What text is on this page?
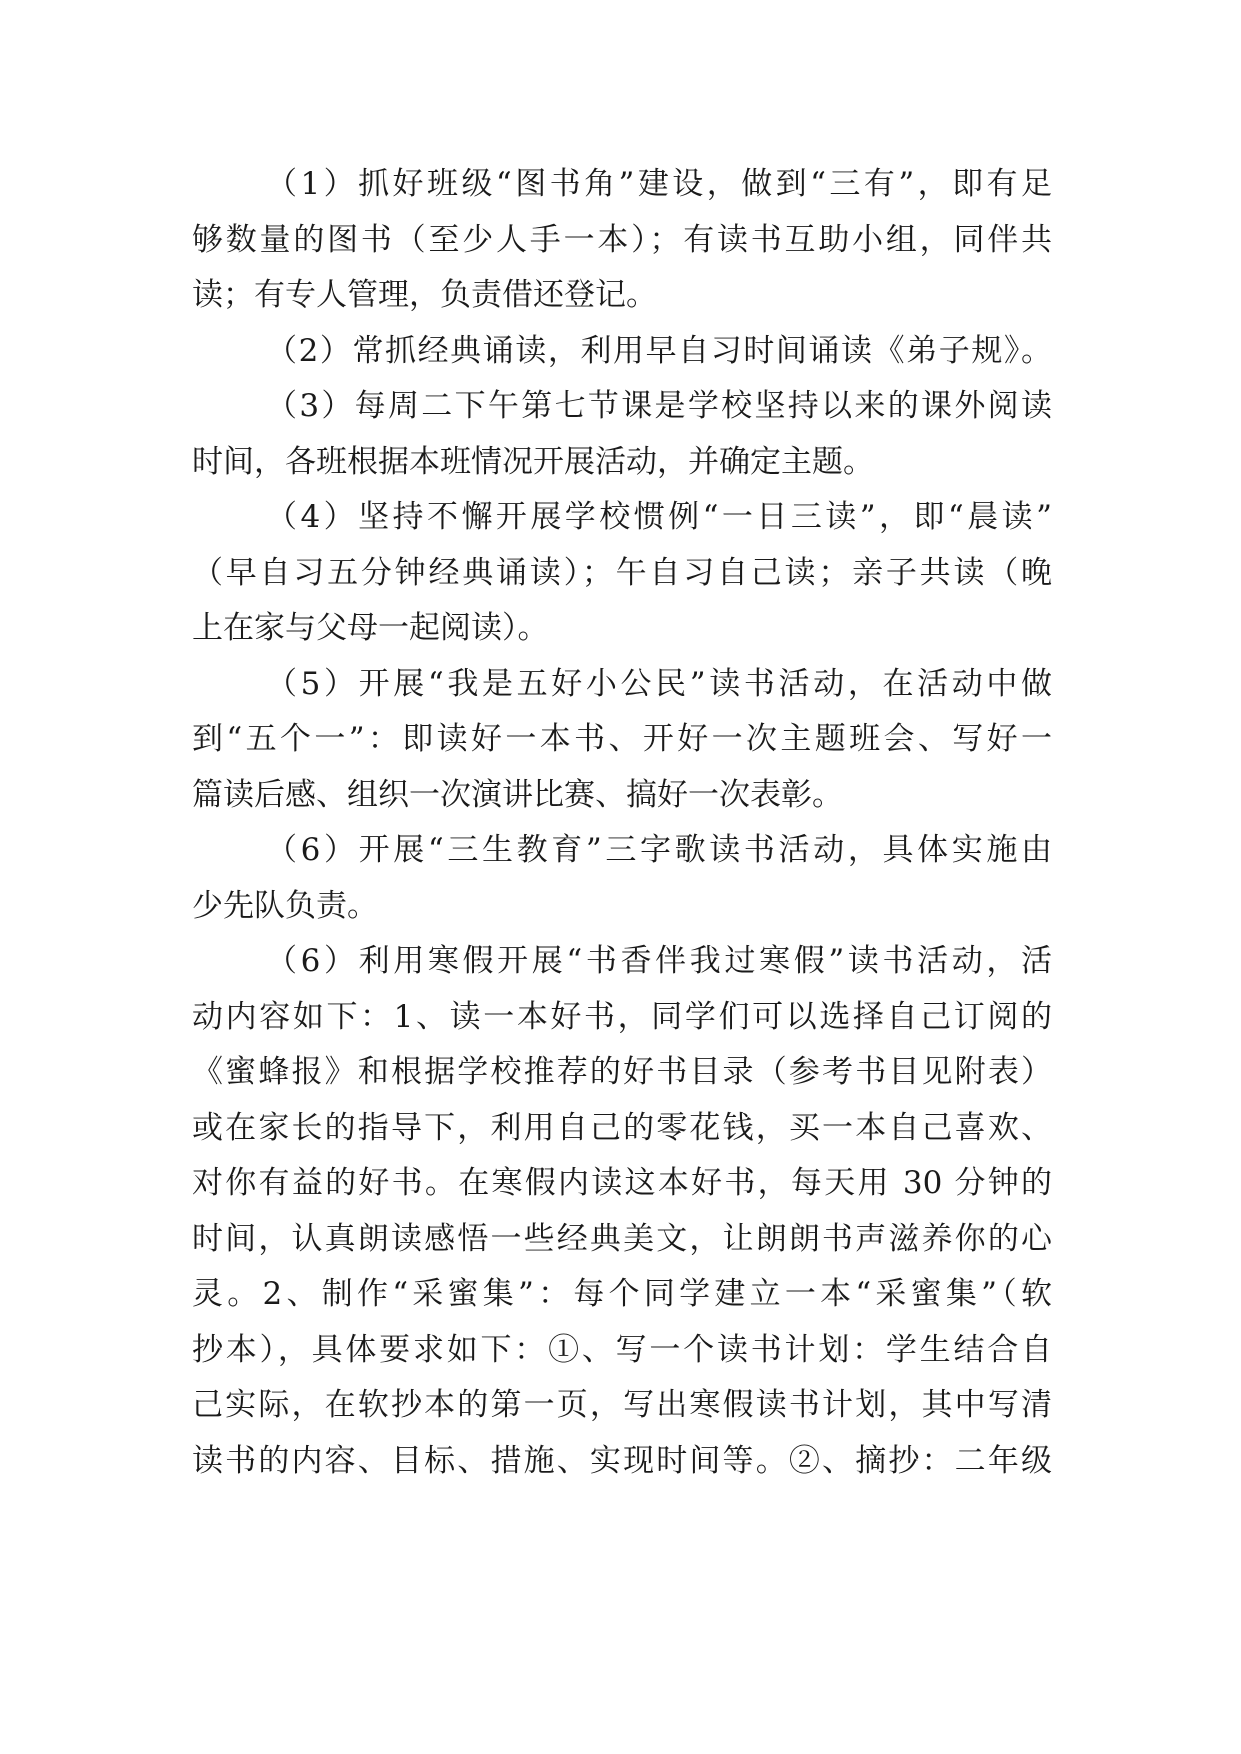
（1）抓好班级“图书角”建设，做到“三有”，即有足
够数量的图书（至少人手一本）；有读书互助小组，同伴共
读；有专人管理，负责借还登记。
（2）常抓经典诵读，利用早自习时间诵读《弟子规》。
（3）每周二下午第七节课是学校坚持以来的课外阅读
时间，各班根据本班情况开展活动，并确定主题。
（4）坚持不懈开展学校惯例“一日三读”，即“晨读”
（早自习五分钟经典诵读）；午自习自己读；亲子共读（晚
上在家与父母一起阅读）。
（5）开展“我是五好小公民”读书活动，在活动中做
到“五个一”：即读好一本书、开好一次主题班会、写好一
篇读后感、组织一次演讲比赛、搞好一次表彰。
（6）开展“三生教育”三字歌读书活动，具体实施由
少先队负责。
（6）利用寒假开展“书香伴我过寒假”读书活动，活
动内容如下：1、读一本好书，同学们可以选择自己订阅的
《蜜蜂报》和根据学校推荐的好书目录（参考书目见附表）
或在家长的指导下，利用自己的零花钱，买一本自己喜欢、
对你有益的好书。在寒假内读这本好书，每天用 30 分钟的
时间，认真朗读感悟一些经典美文，让朗朗书声滋养你的心
灵。2、制作“采蜜集”：每个同学建立一本“采蜜集”（软
抄本），具体要求如下：①、写一个读书计划：学生结合自
己实际，在软抄本的第一页，写出寒假读书计划，其中写清
读书的内容、目标、措施、实现时间等。②、摘抄：二年级
